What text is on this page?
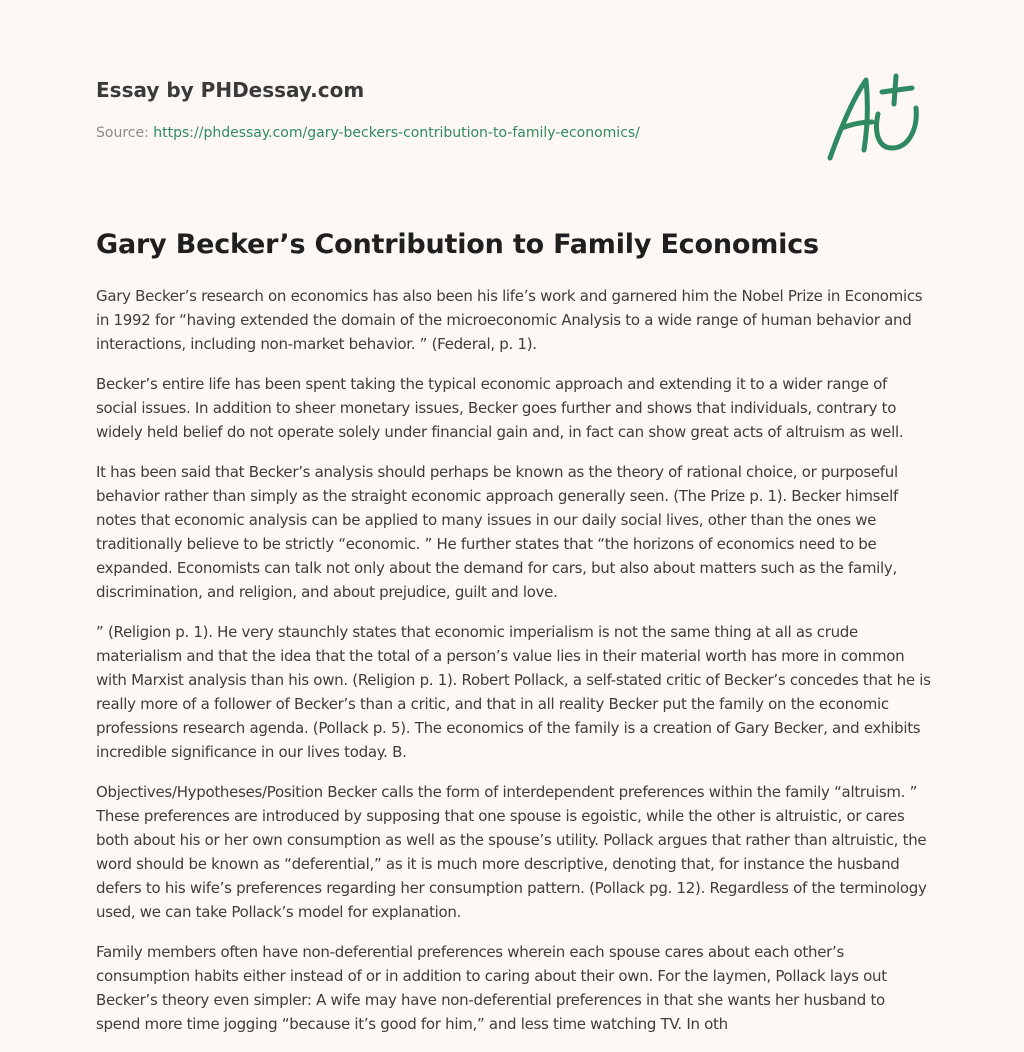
Essay by PHDessay.com
Source: https://phdessay.com/gary-beckers-contribution-to-family-economics/
Gary Becker’s Contribution to Family Economics

Gary Becker’s research on economics has also been his life’s work and garnered him the Nobel Prize in Economics in 1992 for “having extended the domain of the microeconomic Analysis to a wide range of human behavior and interactions, including non-market behavior. ” (Federal, p. 1).

Becker’s entire life has been spent taking the typical economic approach and extending it to a wider range of social issues. In addition to sheer monetary issues, Becker goes further and shows that individuals, contrary to widely held belief do not operate solely under financial gain and, in fact can show great acts of altruism as well.

It has been said that Becker’s analysis should perhaps be known as the theory of rational choice, or purposeful behavior rather than simply as the straight economic approach generally seen. (The Prize p. 1). Becker himself notes that economic analysis can be applied to many issues in our daily social lives, other than the ones we traditionally believe to be strictly “economic. ” He further states that “the horizons of economics need to be expanded. Economists can talk not only about the demand for cars, but also about matters such as the family, discrimination, and religion, and about prejudice, guilt and love.

” (Religion p. 1). He very staunchly states that economic imperialism is not the same thing at all as crude materialism and that the idea that the total of a person’s value lies in their material worth has more in common with Marxist analysis than his own. (Religion p. 1). Robert Pollack, a self-stated critic of Becker’s concedes that he is really more of a follower of Becker’s than a critic, and that in all reality Becker put the family on the economic professions research agenda. (Pollack p. 5). The economics of the family is a creation of Gary Becker, and exhibits incredible significance in our lives today. B.

Objectives/Hypotheses/Position Becker calls the form of interdependent preferences within the family “altruism. ” These preferences are introduced by supposing that one spouse is egoistic, while the other is altruistic, or cares both about his or her own consumption as well as the spouse’s utility. Pollack argues that rather than altruistic, the word should be known as “deferential,” as it is much more descriptive, denoting that, for instance the husband defers to his wife’s preferences regarding her consumption pattern. (Pollack pg. 12). Regardless of the terminology used, we can take Pollack’s model for explanation.

Family members often have non-deferential preferences wherein each spouse cares about each other’s consumption habits either instead of or in addition to caring about their own. For the laymen, Pollack lays out Becker’s theory even simpler: A wife may have non-deferential preferences in that she wants her husband to spend more time jogging “because it’s good for him,” and less time watching TV. In oth
